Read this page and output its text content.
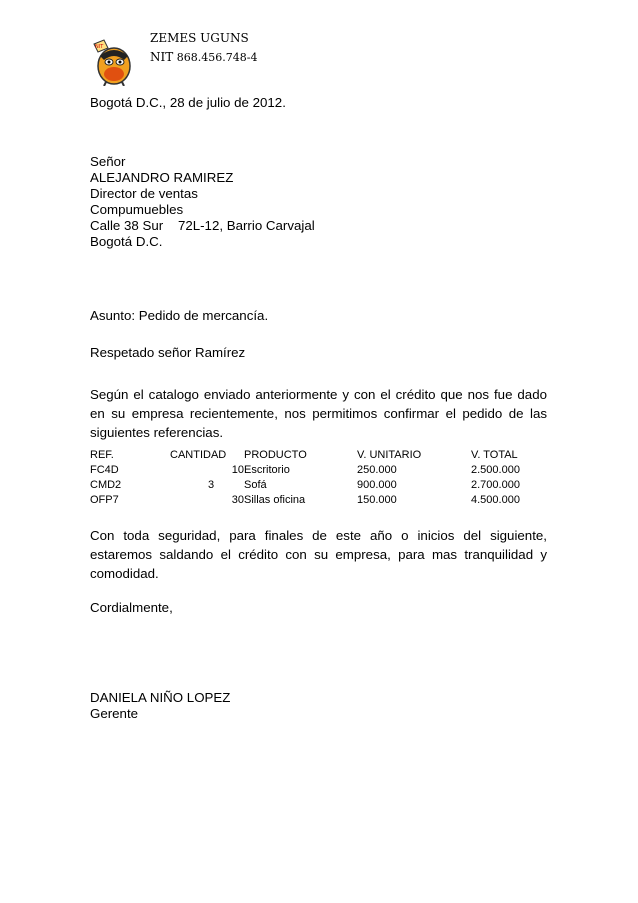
NIT
ZEMES UGUNS
NIT 868.456.748-4
Bogotá D.C., 28 de julio de 2012.
Señor
ALEJANDRO RAMIREZ
Director de ventas
Compumuebles
Calle 38 Sur    72L-12, Barrio Carvajal
Bogotá D.C.
Asunto: Pedido de mercancía.
Respetado señor Ramírez
Según el catalogo enviado anteriormente y con el crédito que nos fue dado en su empresa recientemente, nos permitimos confirmar el pedido de las siguientes referencias.
REF.	CANTIDAD	PRODUCTO	V. UNITARIO	V. TOTAL
FC4D	10 Escritorio	250.000	2.500.000
CMD2	3	Sofá	900.000	2.700.000
OFP7	30 Sillas oficina	150.000	4.500.000
Con toda seguridad, para finales de este año o inicios del siguiente, estaremos saldando el crédito con su empresa, para mas tranquilidad y comodidad.
Cordialmente,
DANIELA NIÑO LOPEZ
Gerente
